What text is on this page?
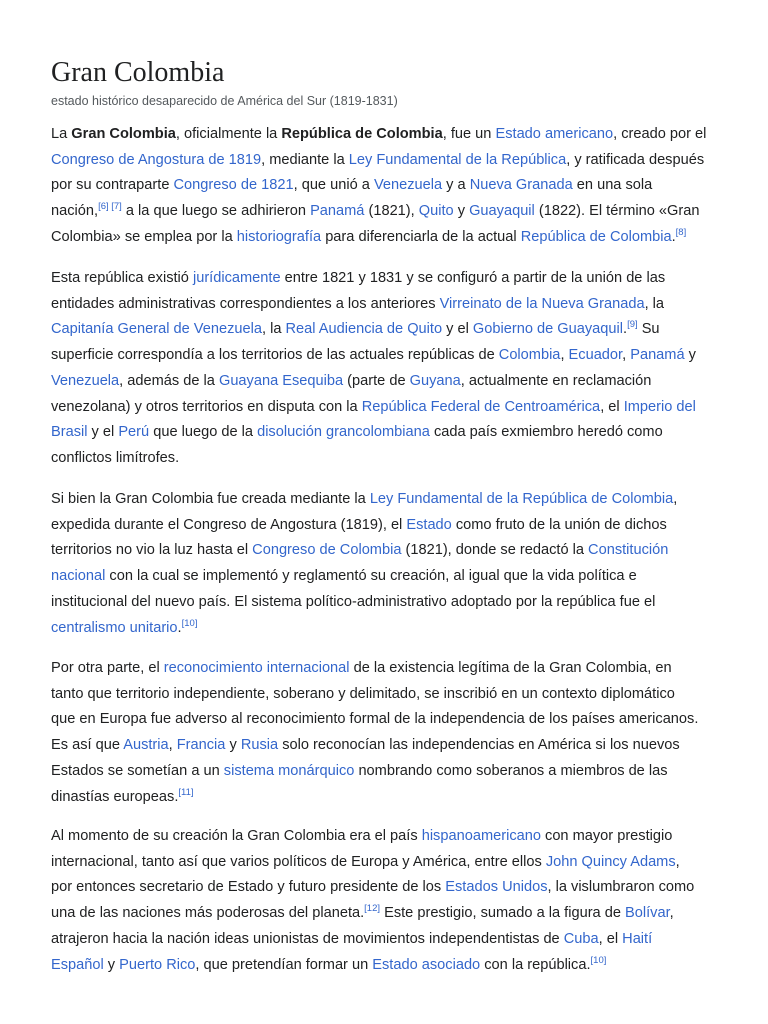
Gran Colombia
estado histórico desaparecido de América del Sur (1819-1831)
La Gran Colombia, oficialmente la República de Colombia, fue un Estado americano, creado por el
Congreso de Angostura de 1819, mediante la Ley Fundamental de la República, y ratificada después
por su contraparte Congreso de 1821, que unió a Venezuela y a Nueva Granada en una sola
nación,[6] [7] a la que luego se adhirieron Panamá (1821), Quito y Guayaquil (1822). El término «Gran
Colombia» se emplea por la historiografía para diferenciarla de la actual República de Colombia.[8]
Esta república existió jurídicamente entre 1821 y 1831 y se configuró a partir de la unión de las
entidades administrativas correspondientes a los anteriores Virreinato de la Nueva Granada, la
Capitanía General de Venezuela, la Real Audiencia de Quito y el Gobierno de Guayaquil.[9] Su
superficie correspondía a los territorios de las actuales repúblicas de Colombia, Ecuador, Panamá y
Venezuela, además de la Guayana Esequiba (parte de Guyana, actualmente en reclamación
venezolana) y otros territorios en disputa con la República Federal de Centroamérica, el Imperio del
Brasil y el Perú que luego de la disolución grancolombiana cada país exmiembro heredó como
conflictos limítrofes.
Si bien la Gran Colombia fue creada mediante la Ley Fundamental de la República de Colombia,
expedida durante el Congreso de Angostura (1819), el Estado como fruto de la unión de dichos
territorios no vio la luz hasta el Congreso de Colombia (1821), donde se redactó la Constitución
nacional con la cual se implementó y reglamentó su creación, al igual que la vida política e
institucional del nuevo país. El sistema político-administrativo adoptado por la república fue el
centralismo unitario.[10]
Por otra parte, el reconocimiento internacional de la existencia legítima de la Gran Colombia, en
tanto que territorio independiente, soberano y delimitado, se inscribió en un contexto diplomático
que en Europa fue adverso al reconocimiento formal de la independencia de los países americanos.
Es así que Austria, Francia y Rusia solo reconocían las independencias en América si los nuevos
Estados se sometían a un sistema monárquico nombrando como soberanos a miembros de las
dinastías europeas.[11]
Al momento de su creación la Gran Colombia era el país hispanoamericano con mayor prestigio
internacional, tanto así que varios políticos de Europa y América, entre ellos John Quincy Adams,
por entonces secretario de Estado y futuro presidente de los Estados Unidos, la vislumbraron como
una de las naciones más poderosas del planeta.[12] Este prestigio, sumado a la figura de Bolívar,
atrajeron hacia la nación ideas unionistas de movimientos independentistas de Cuba, el Haití
Español y Puerto Rico, que pretendían formar un Estado asociado con la república.[10]
